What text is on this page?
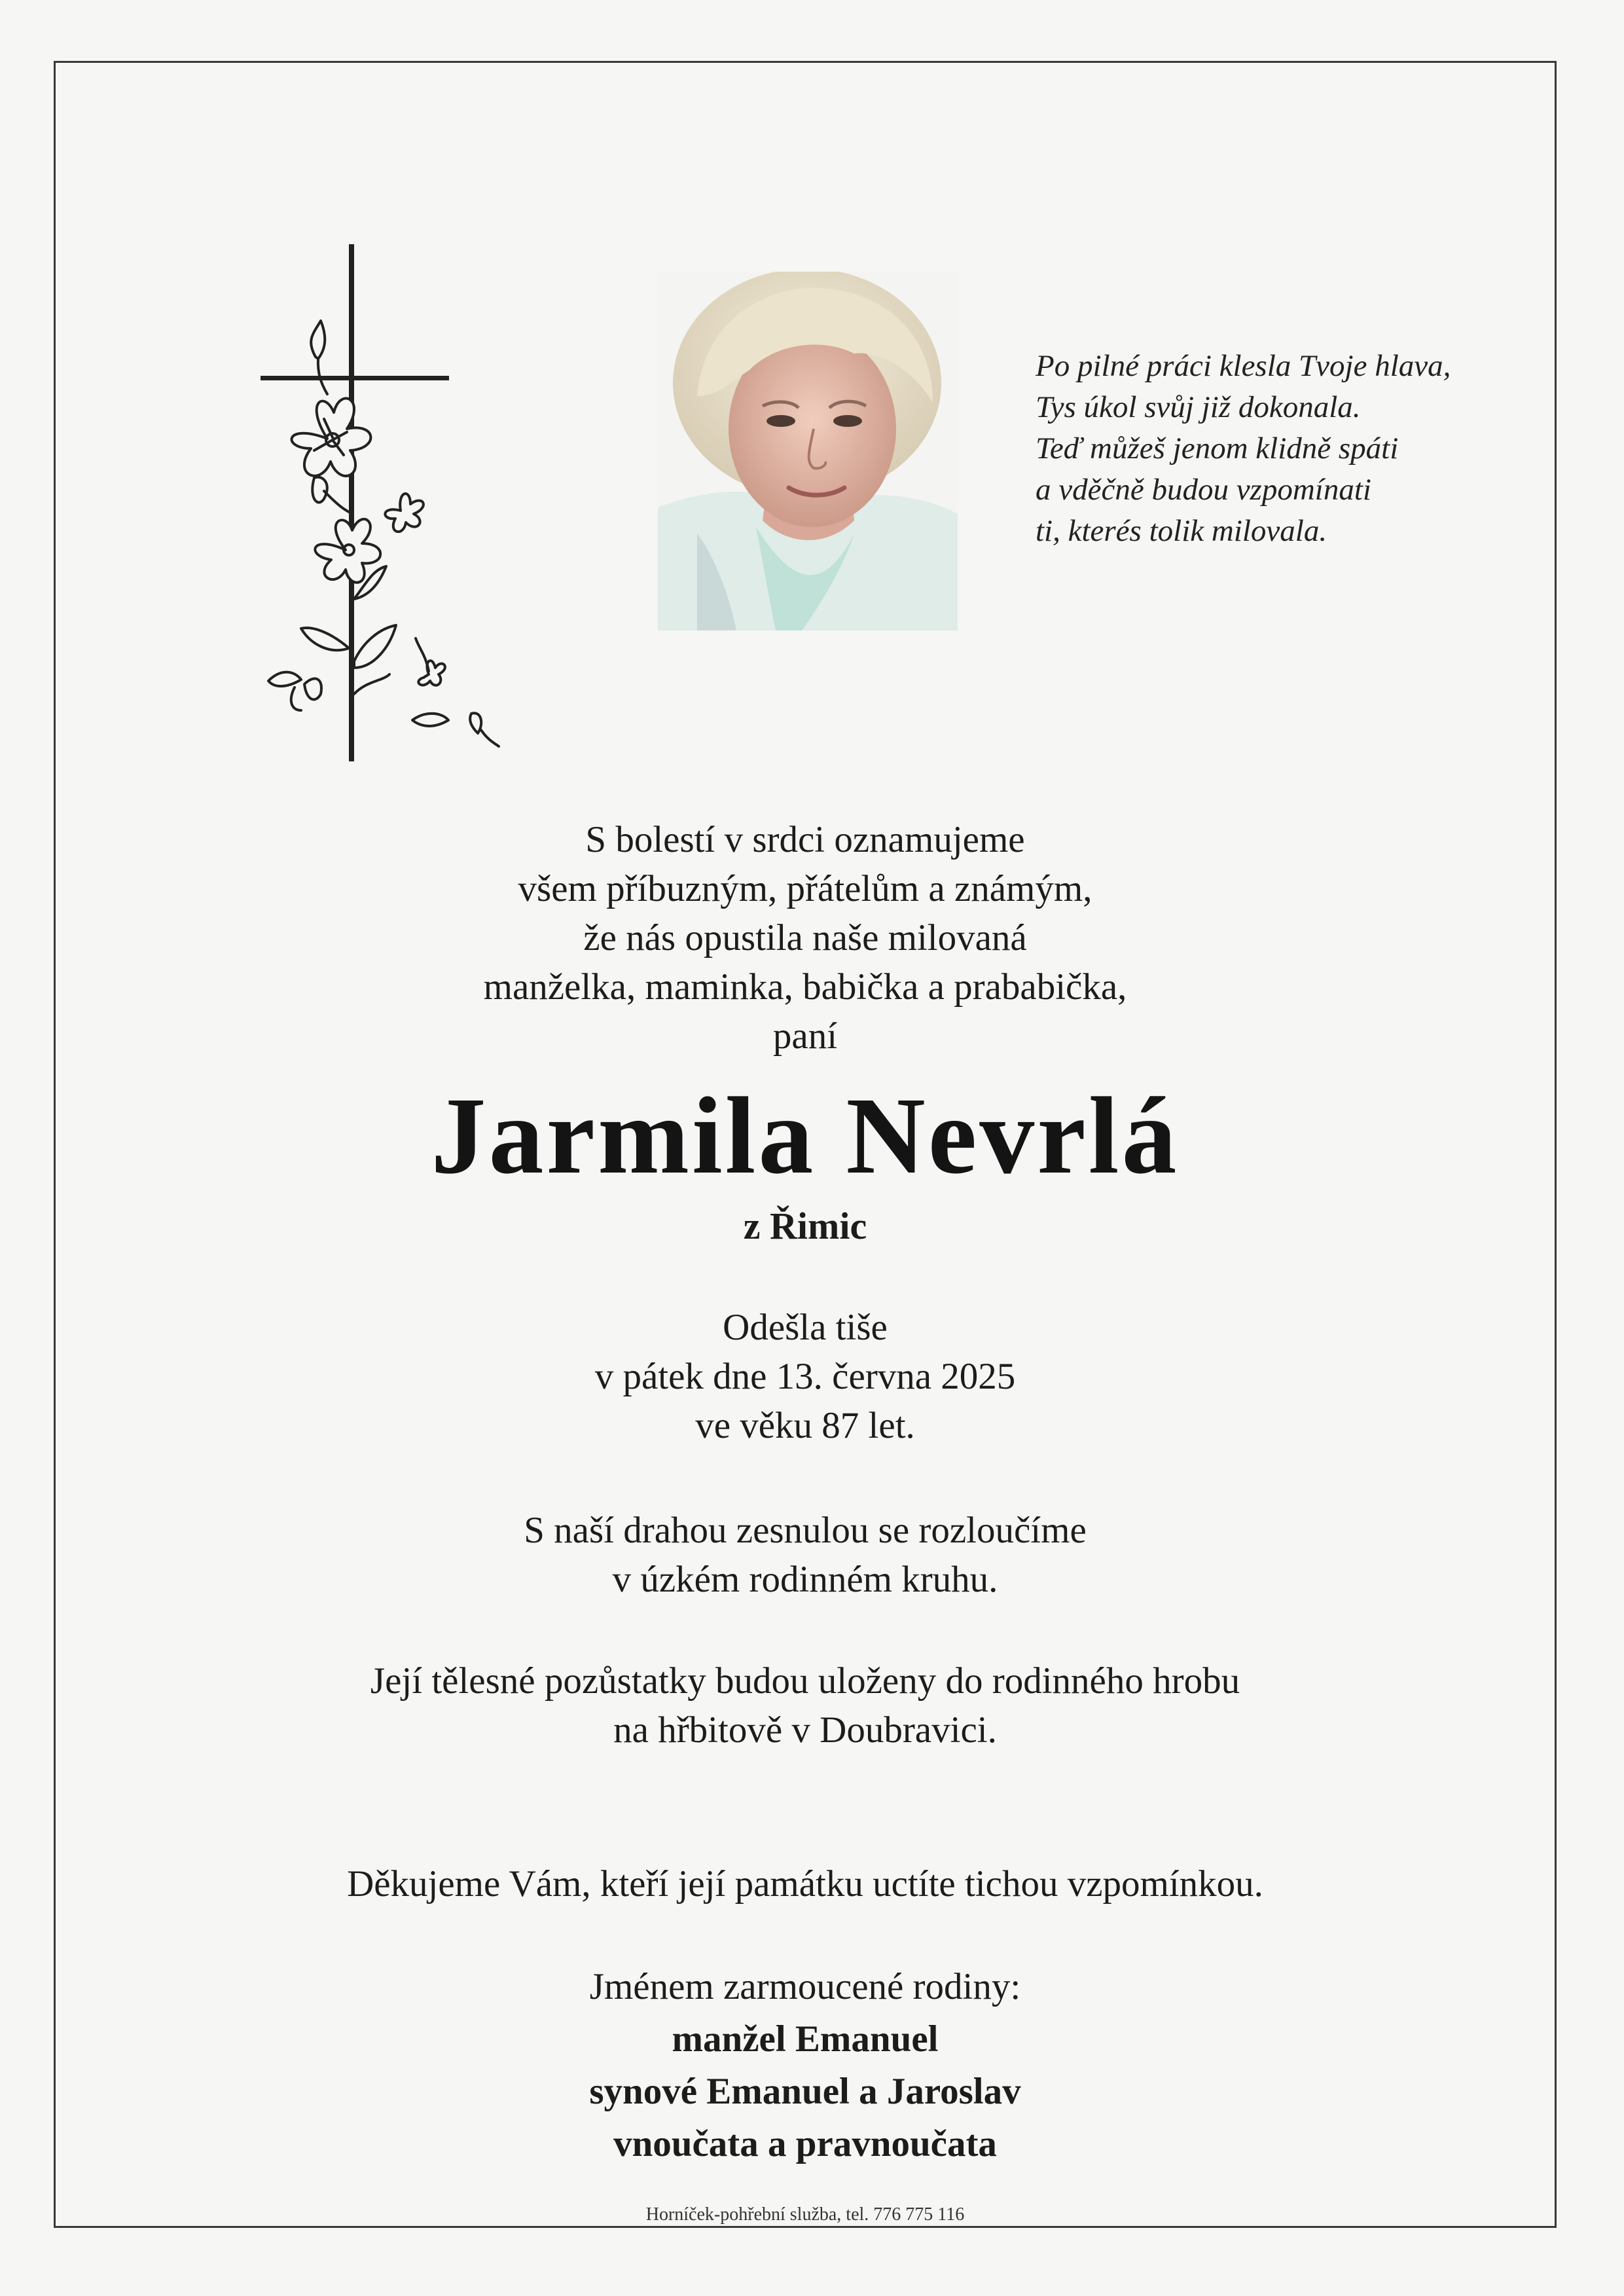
Po pilné práci klesla Tvoje hlava,
Tys úkol svůj již dokonala.
Teď můžeš jenom klidně spáti
a vděčně budou vzpomínati
ti, kterés tolik milovala.
S bolestí v srdci oznamujeme
všem příbuzným, přátelům a známým,
že nás opustila naše milovaná
manželka, maminka, babička a prababička,
paní
Jarmila Nevrlá
z Řimic
Odešla tiše
v pátek dne 13. června 2025
ve věku 87 let.
S naší drahou zesnulou se rozloučíme
v úzkém rodinném kruhu.
Její tělesné pozůstatky budou uloženy do rodinného hrobu
na hřbitově v Doubravici.
Děkujeme Vám, kteří její památku uctíte tichou vzpomínkou.
Jménem zarmoucené rodiny:
manžel Emanuel
synové Emanuel a Jaroslav
vnoučata a pravnoučata
Horníček-pohřební služba, tel. 776 775 116
